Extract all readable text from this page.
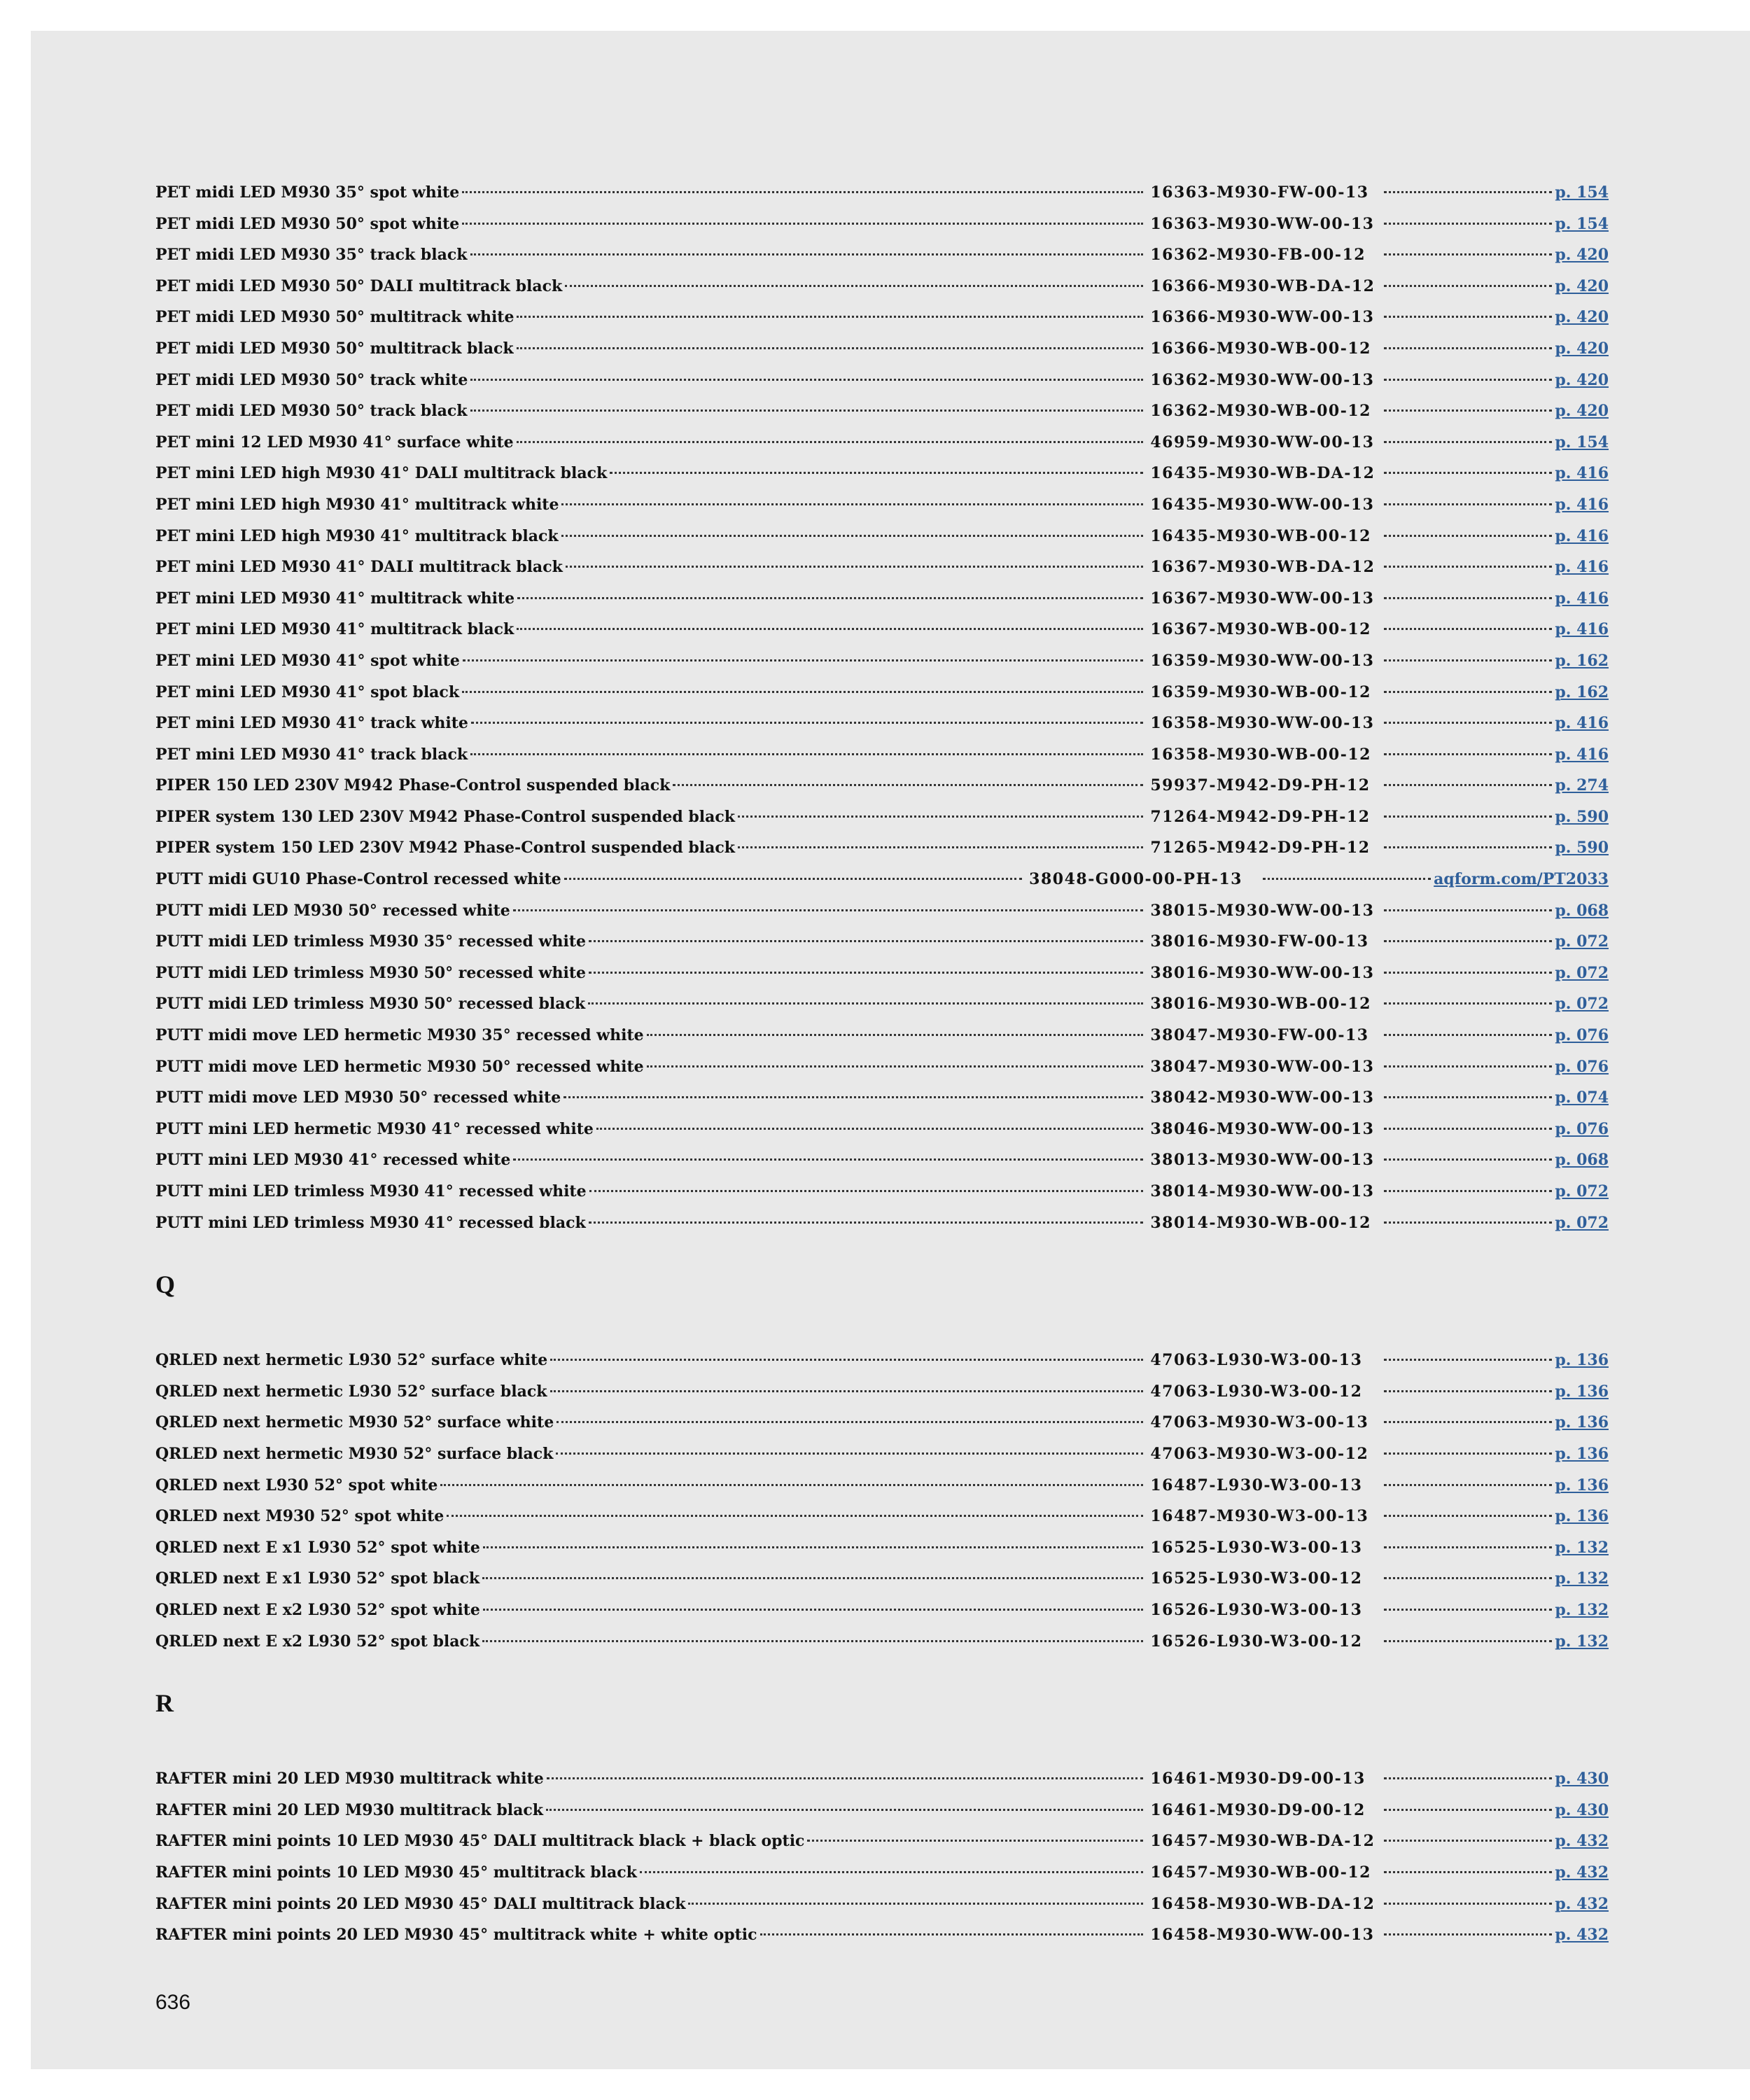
PET midi LED M930 35° spot white	16363-M930-FW-00-13	p. 154
PET midi LED M930 50° spot white	16363-M930-WW-00-13	p. 154
PET midi LED M930 35° track black	16362-M930-FB-00-12	p. 420
PET midi LED M930 50° DALI multitrack black	16366-M930-WB-DA-12	p. 420
PET midi LED M930 50° multitrack white	16366-M930-WW-00-13	p. 420
PET midi LED M930 50° multitrack black	16366-M930-WB-00-12	p. 420
PET midi LED M930 50° track white	16362-M930-WW-00-13	p. 420
PET midi LED M930 50° track black	16362-M930-WB-00-12	p. 420
PET mini 12 LED M930 41° surface white	46959-M930-WW-00-13	p. 154
PET mini LED high M930 41° DALI multitrack black	16435-M930-WB-DA-12	p. 416
PET mini LED high M930 41° multitrack white	16435-M930-WW-00-13	p. 416
PET mini LED high M930 41° multitrack black	16435-M930-WB-00-12	p. 416
PET mini LED M930 41° DALI multitrack black	16367-M930-WB-DA-12	p. 416
PET mini LED M930 41° multitrack white	16367-M930-WW-00-13	p. 416
PET mini LED M930 41° multitrack black	16367-M930-WB-00-12	p. 416
PET mini LED M930 41° spot white	16359-M930-WW-00-13	p. 162
PET mini LED M930 41° spot black	16359-M930-WB-00-12	p. 162
PET mini LED M930 41° track white	16358-M930-WW-00-13	p. 416
PET mini LED M930 41° track black	16358-M930-WB-00-12	p. 416
PIPER 150 LED 230V M942 Phase-Control suspended black	59937-M942-D9-PH-12	p. 274
PIPER system 130 LED 230V M942 Phase-Control suspended black	71264-M942-D9-PH-12	p. 590
PIPER system 150 LED 230V M942 Phase-Control suspended black	71265-M942-D9-PH-12	p. 590
PUTT midi GU10 Phase-Control recessed white	38048-G000-00-PH-13	aqform.com/PT2033
PUTT midi LED M930 50° recessed white	38015-M930-WW-00-13	p. 068
PUTT midi LED trimless M930 35° recessed white	38016-M930-FW-00-13	p. 072
PUTT midi LED trimless M930 50° recessed white	38016-M930-WW-00-13	p. 072
PUTT midi LED trimless M930 50° recessed black	38016-M930-WB-00-12	p. 072
PUTT midi move LED hermetic M930 35° recessed white	38047-M930-FW-00-13	p. 076
PUTT midi move LED hermetic M930 50° recessed white	38047-M930-WW-00-13	p. 076
PUTT midi move LED M930 50° recessed white	38042-M930-WW-00-13	p. 074
PUTT mini LED hermetic M930 41° recessed white	38046-M930-WW-00-13	p. 076
PUTT mini LED M930 41° recessed white	38013-M930-WW-00-13	p. 068
PUTT mini LED trimless M930 41° recessed white	38014-M930-WW-00-13	p. 072
PUTT mini LED trimless M930 41° recessed black	38014-M930-WB-00-12	p. 072
Q
QRLED next hermetic L930 52° surface white	47063-L930-W3-00-13	p. 136
QRLED next hermetic L930 52° surface black	47063-L930-W3-00-12	p. 136
QRLED next hermetic M930 52° surface white	47063-M930-W3-00-13	p. 136
QRLED next hermetic M930 52° surface black	47063-M930-W3-00-12	p. 136
QRLED next L930 52° spot white	16487-L930-W3-00-13	p. 136
QRLED next M930 52° spot white	16487-M930-W3-00-13	p. 136
QRLED next E x1 L930 52° spot white	16525-L930-W3-00-13	p. 132
QRLED next E x1 L930 52° spot black	16525-L930-W3-00-12	p. 132
QRLED next E x2 L930 52° spot white	16526-L930-W3-00-13	p. 132
QRLED next E x2 L930 52° spot black	16526-L930-W3-00-12	p. 132
R
RAFTER mini 20 LED M930 multitrack white	16461-M930-D9-00-13	p. 430
RAFTER mini 20 LED M930 multitrack black	16461-M930-D9-00-12	p. 430
RAFTER mini points 10 LED M930 45° DALI multitrack black + black optic	16457-M930-WB-DA-12	p. 432
RAFTER mini points 10 LED M930 45° multitrack black	16457-M930-WB-00-12	p. 432
RAFTER mini points 20 LED M930 45° DALI multitrack black	16458-M930-WB-DA-12	p. 432
RAFTER mini points 20 LED M930 45° multitrack white + white optic	16458-M930-WW-00-13	p. 432
636
